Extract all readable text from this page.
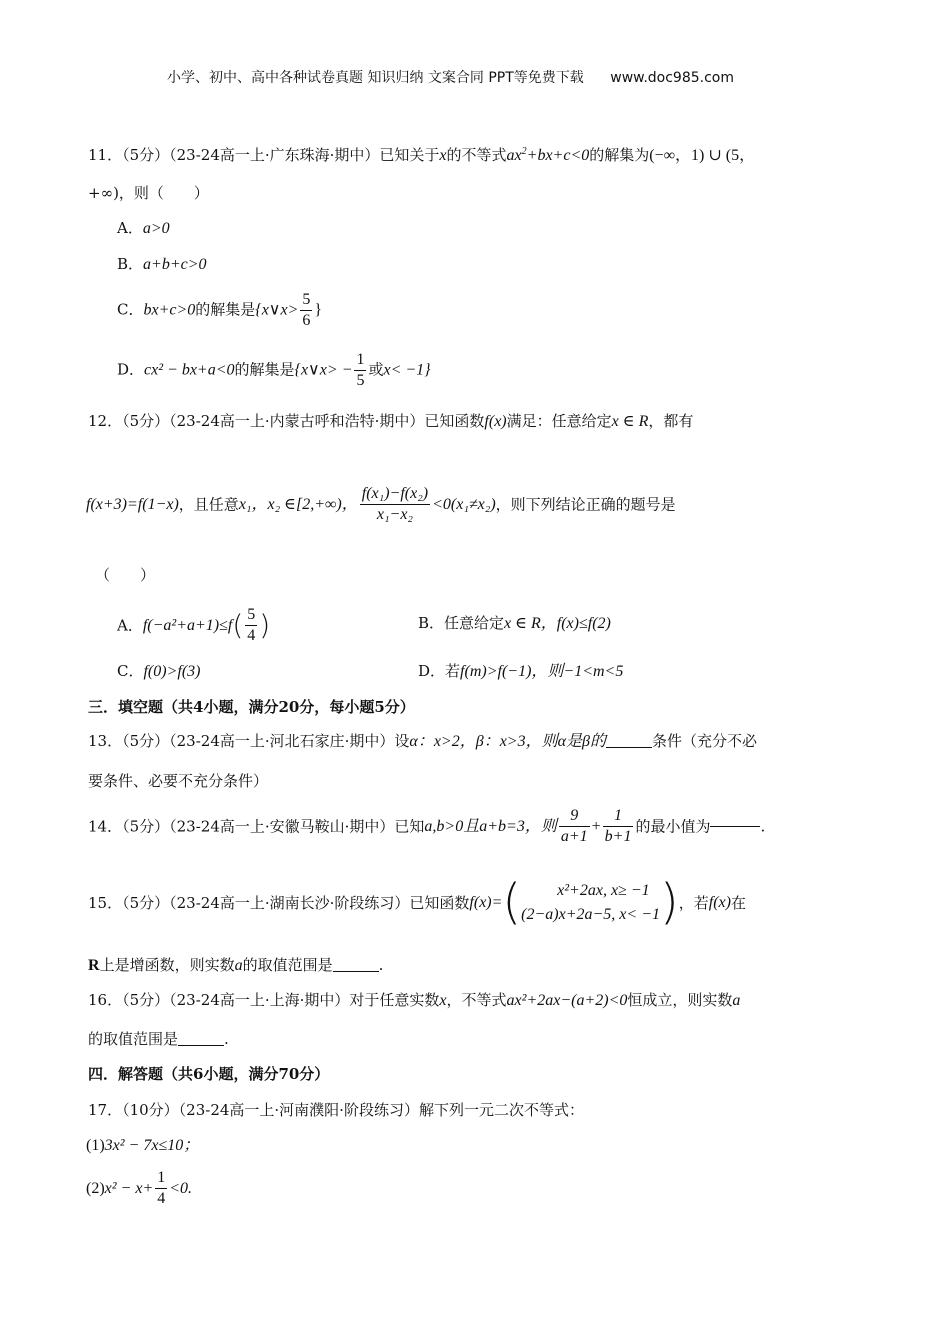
小学、初中、高中各种试卷真题 知识归纳 文案合同 PPT等免费下载 www.doc985.com
11．（5分）（23-24高一上·广东珠海·期中）已知关于x的不等式$ax^2+bx+c<0$的解集为(−∞，1) ∪ (5，
+∞)，则（　　）
A．a>0
B．a+b+c>0
C．bx+c>0的解集是{x∨x> $\frac{5}{6}$ }
D．cx² − bx+a<0的解集是{x∨x> − $\frac{1}{5}$ 或x< −1}
12．（5分）（23-24高一上·内蒙古呼和浩特·期中）已知函数f(x)满足：任意给定x ∈ R，都有
f(x+3)=f(1−x)，且任意x₁，x₂ ∈[2,+∞)， $\frac{\text{f(x₁)−f(x₂)}}{\text{x₁−x₂}} <0(x_1\ne x_2)$，则下列结论正确的题号是
（　　）
A．$f(-a^2+a+1)\le f( \frac{5}{4}$ )	B．任意给定x ∈ R，f(x)≤f(2)
C．f(0)>f(3)	D．若f(m)>f(−1)，则−1<m<5
三．填空题（共4小题，满分20分，每小题5分）
13．（5分）（23-24高一上·河北石家庄·期中）设α：x>2，β：x>3，则α是β的	条件（充分不必
要条件、必要不充分条件）
14．（5分）（23-24高一上·安徽马鞍山·期中）已知a,b>0且a+b=3，则 $\frac{9}{a+1} + \frac{1}{b+1}$ 的最小值为	.
15．（5分）（23-24高一上·湖南长沙·阶段练习）已知函数f(x)=(	x²+2ax, x≥ −1
(2−a)x+2a−5, x< −1 )，若f(x)在
R上是增函数，则实数a的取值范围是	.
16．（5分）（23-24高一上·上海·期中）对于任意实数x，不等式ax²+2ax−(a+2)<0恒成立，则实数a
的取值范围是	.
四．解答题（共6小题，满分70分）
17．（10分）（23-24高一上·河南濮阳·阶段练习）解下列一元二次不等式：
(1)3x² − 7x≤10；
$(2)x^2 - x+ \frac{1}{4} <0$.
